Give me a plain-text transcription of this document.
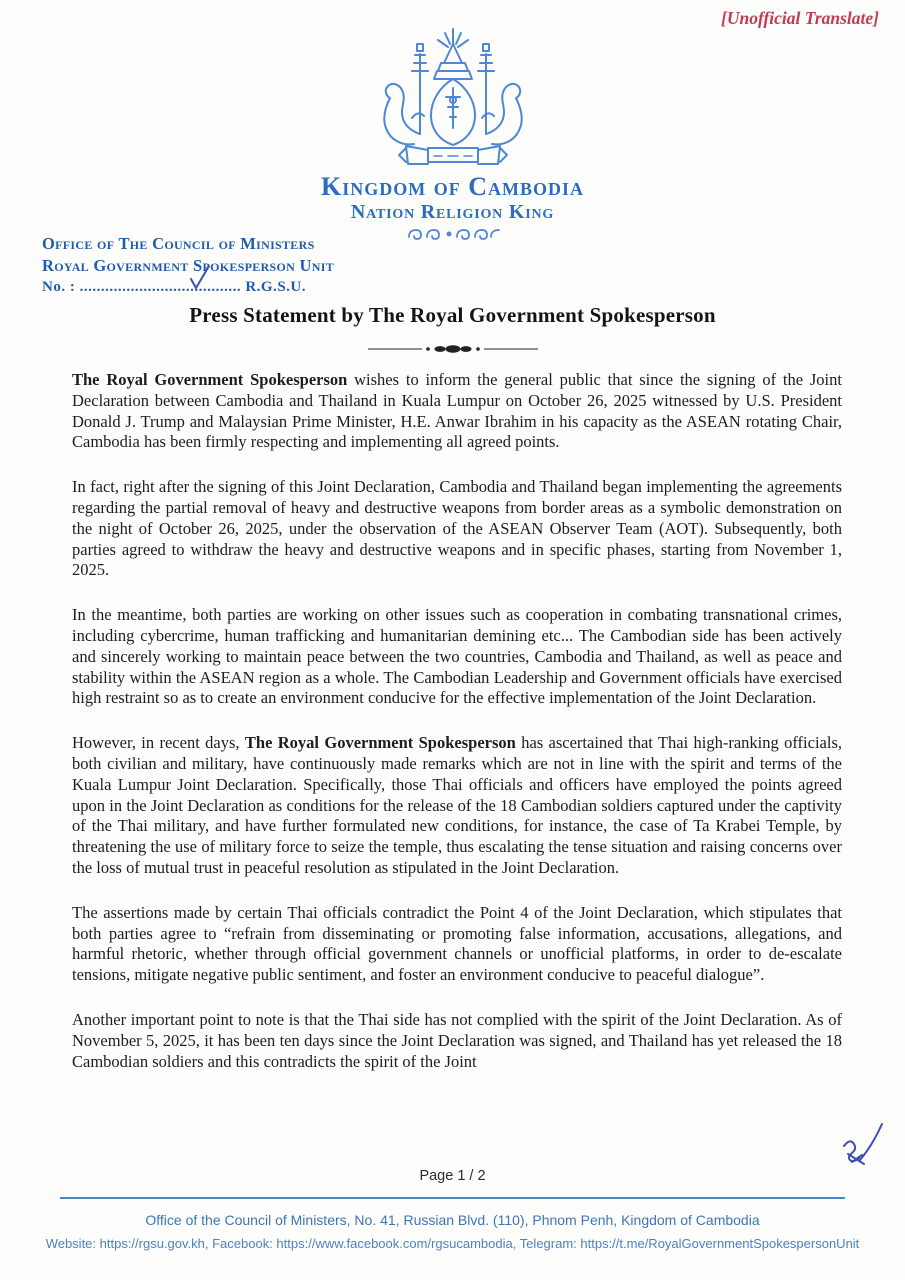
[Unofficial Translate]
Kingdom of Cambodia
Nation Religion King
Office of The Council of Ministers
Royal Government Spokesperson Unit
No. : ...................................... R.G.S.U.
Press Statement by The Royal Government Spokesperson

The Royal Government Spokesperson wishes to inform the general public that since the signing of the Joint Declaration between Cambodia and Thailand in Kuala Lumpur on October 26, 2025 witnessed by U.S. President Donald J. Trump and Malaysian Prime Minister, H.E. Anwar Ibrahim in his capacity as the ASEAN rotating Chair, Cambodia has been firmly respecting and implementing all agreed points.

In fact, right after the signing of this Joint Declaration, Cambodia and Thailand began implementing the agreements regarding the partial removal of heavy and destructive weapons from border areas as a symbolic demonstration on the night of October 26, 2025, under the observation of the ASEAN Observer Team (AOT). Subsequently, both parties agreed to withdraw the heavy and destructive weapons and in specific phases, starting from November 1, 2025.

In the meantime, both parties are working on other issues such as cooperation in combating transnational crimes, including cybercrime, human trafficking and humanitarian demining etc... The Cambodian side has been actively and sincerely working to maintain peace between the two countries, Cambodia and Thailand, as well as peace and stability within the ASEAN region as a whole. The Cambodian Leadership and Government officials have exercised high restraint so as to create an environment conducive for the effective implementation of the Joint Declaration.

However, in recent days, The Royal Government Spokesperson has ascertained that Thai high-ranking officials, both civilian and military, have continuously made remarks which are not in line with the spirit and terms of the Kuala Lumpur Joint Declaration. Specifically, those Thai officials and officers have employed the points agreed upon in the Joint Declaration as conditions for the release of the 18 Cambodian soldiers captured under the captivity of the Thai military, and have further formulated new conditions, for instance, the case of Ta Krabei Temple, by threatening the use of military force to seize the temple, thus escalating the tense situation and raising concerns over the loss of mutual trust in peaceful resolution as stipulated in the Joint Declaration.

The assertions made by certain Thai officials contradict the Point 4 of the Joint Declaration, which stipulates that both parties agree to “refrain from disseminating or promoting false information, accusations, allegations, and harmful rhetoric, whether through official government channels or unofficial platforms, in order to de-escalate tensions, mitigate negative public sentiment, and foster an environment conducive to peaceful dialogue”.

Another important point to note is that the Thai side has not complied with the spirit of the Joint Declaration. As of November 5, 2025, it has been ten days since the Joint Declaration was signed, and Thailand has yet released the 18 Cambodian soldiers and this contradicts the spirit of the Joint

Page 1 / 2
Office of the Council of Ministers, No. 41, Russian Blvd. (110), Phnom Penh, Kingdom of Cambodia
Website: https://rgsu.gov.kh, Facebook: https://www.facebook.com/rgsucambodia, Telegram: https://t.me/RoyalGovernmentSpokespersonUnit
